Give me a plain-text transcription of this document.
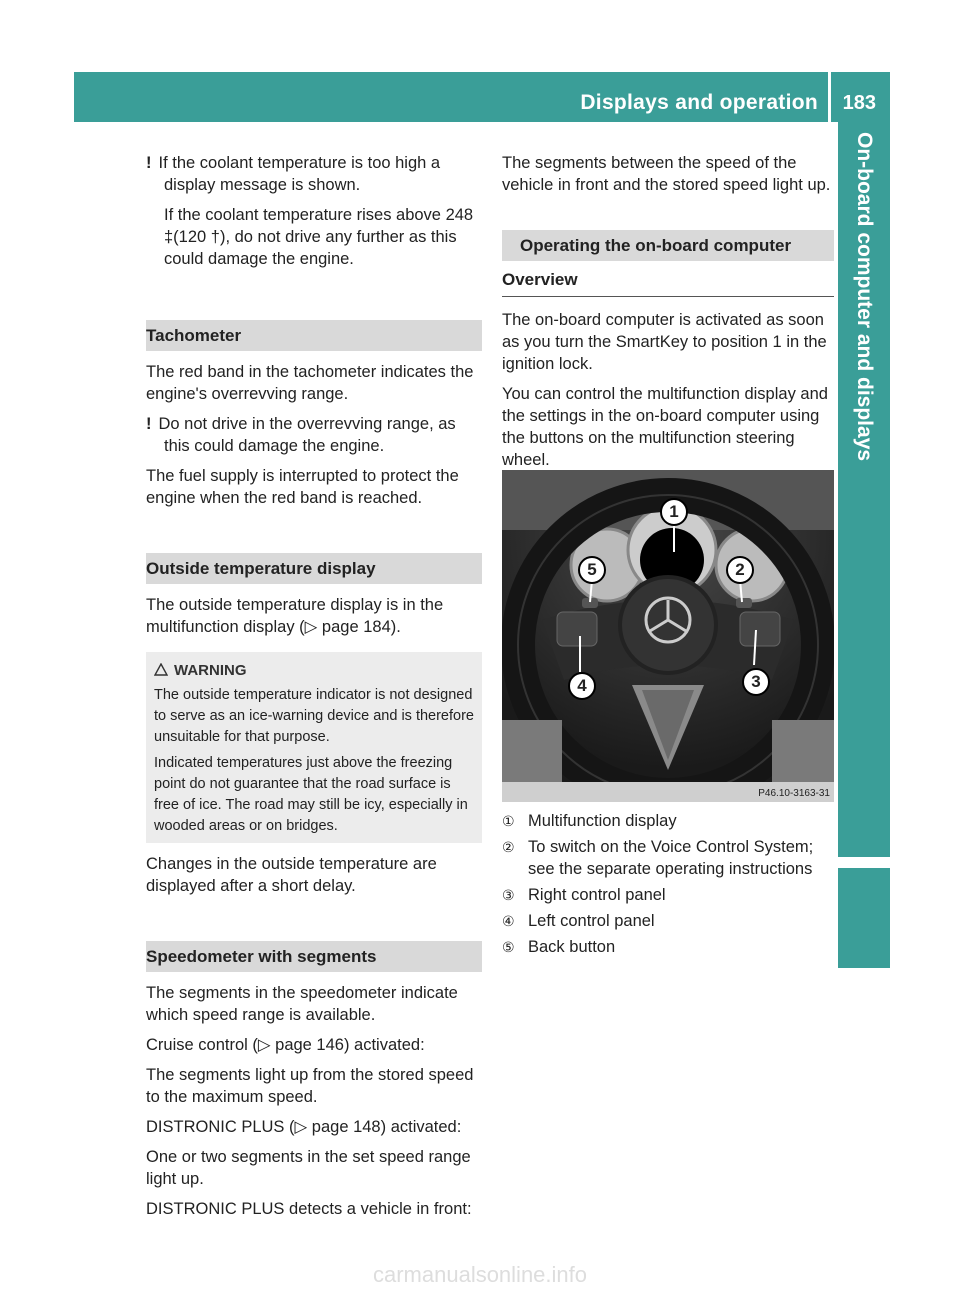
Displays and operation 183
On-board computer and displays

! If the coolant temperature is too high a display message is shown.

If the coolant temperature rises above 248 ‡(120 †), do not drive any further as this could damage the engine.

Tachometer

The red band in the tachometer indicates the engine's overrevving range.

! Do not drive in the overrevving range, as this could damage the engine.

The fuel supply is interrupted to protect the engine when the red band is reached.

Outside temperature display

The outside temperature display is in the multifunction display (▷ page 184).

WARNING

The outside temperature indicator is not designed to serve as an ice-warning device and is therefore unsuitable for that purpose.

Indicated temperatures just above the freezing point do not guarantee that the road surface is free of ice. The road may still be icy, especially in wooded areas or on bridges.

Changes in the outside temperature are displayed after a short delay.

Speedometer with segments

The segments in the speedometer indicate which speed range is available.

Cruise control (▷ page 146) activated:

The segments light up from the stored speed to the maximum speed.

DISTRONIC PLUS (▷ page 148) activated:

One or two segments in the set speed range light up.

DISTRONIC PLUS detects a vehicle in front:

The segments between the speed of the vehicle in front and the stored speed light up.

Operating the on-board computer
Overview

The on-board computer is activated as soon as you turn the SmartKey to position 1 in the ignition lock.

You can control the multifunction display and the settings in the on-board computer using the buttons on the multifunction steering wheel.

1
2
3
4
5
P46.10-3163-31
① Multifunction display
② To switch on the Voice Control System; see the separate operating instructions
③ Right control panel
④ Left control panel
⑤ Back button
carmanualsonline.info
